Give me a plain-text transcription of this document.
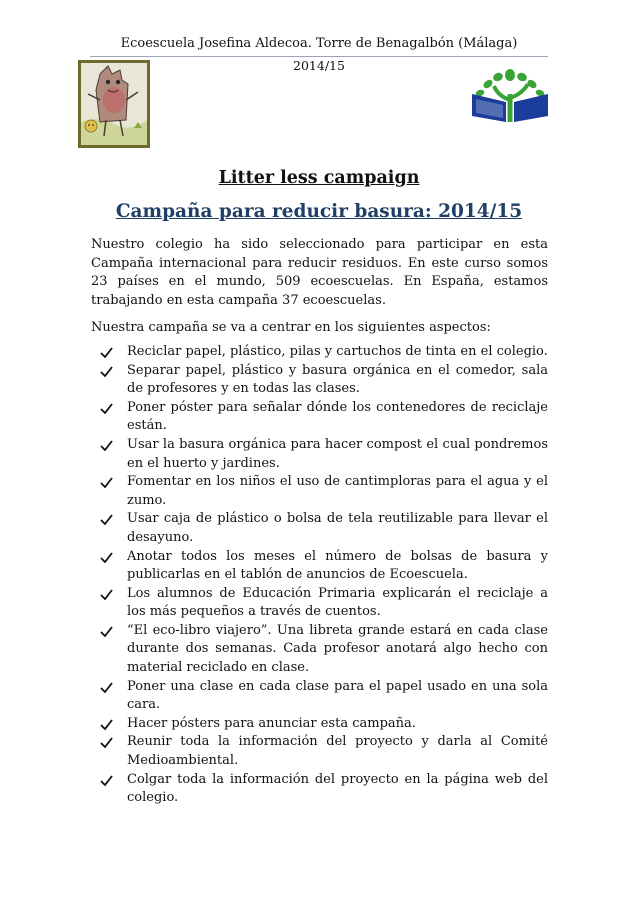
Ecoescuela Josefina Aldecoa. Torre de Benagalbón (Málaga)
2014/15
Litter less campaign
Campaña para reducir basura: 2014/15

Nuestro colegio ha sido seleccionado para participar en esta Campaña internacional para reducir residuos. En este curso somos 23 países en el mundo, 509 ecoescuelas. En España, estamos trabajando en esta campaña 37 ecoescuelas.

Nuestra campaña se va a centrar en los siguientes aspectos:

Reciclar papel, plástico, pilas y cartuchos de tinta en el colegio.
Separar papel, plástico y basura orgánica en el comedor, sala de profesores y en todas las clases.
Poner póster para señalar dónde los contenedores de reciclaje están.
Usar la basura orgánica para hacer compost el cual pondremos en el huerto y jardines.
Fomentar en los niños el uso de cantimploras para el agua y el zumo.
Usar caja de plástico o bolsa de tela reutilizable para llevar el desayuno.
Anotar todos los meses el número de bolsas de basura y publicarlas en el tablón de anuncios de Ecoescuela.
Los alumnos de Educación Primaria explicarán el reciclaje a los más pequeños a través de cuentos.
“El eco-libro viajero”. Una libreta grande estará en cada clase durante dos semanas. Cada profesor anotará algo hecho con material reciclado en clase.
Poner una clase en cada clase para el papel usado en una sola cara.
Hacer pósters para anunciar esta campaña.
Reunir toda la información del proyecto y darla al Comité Medioambiental.
Colgar toda la información del proyecto en la página web del colegio.
